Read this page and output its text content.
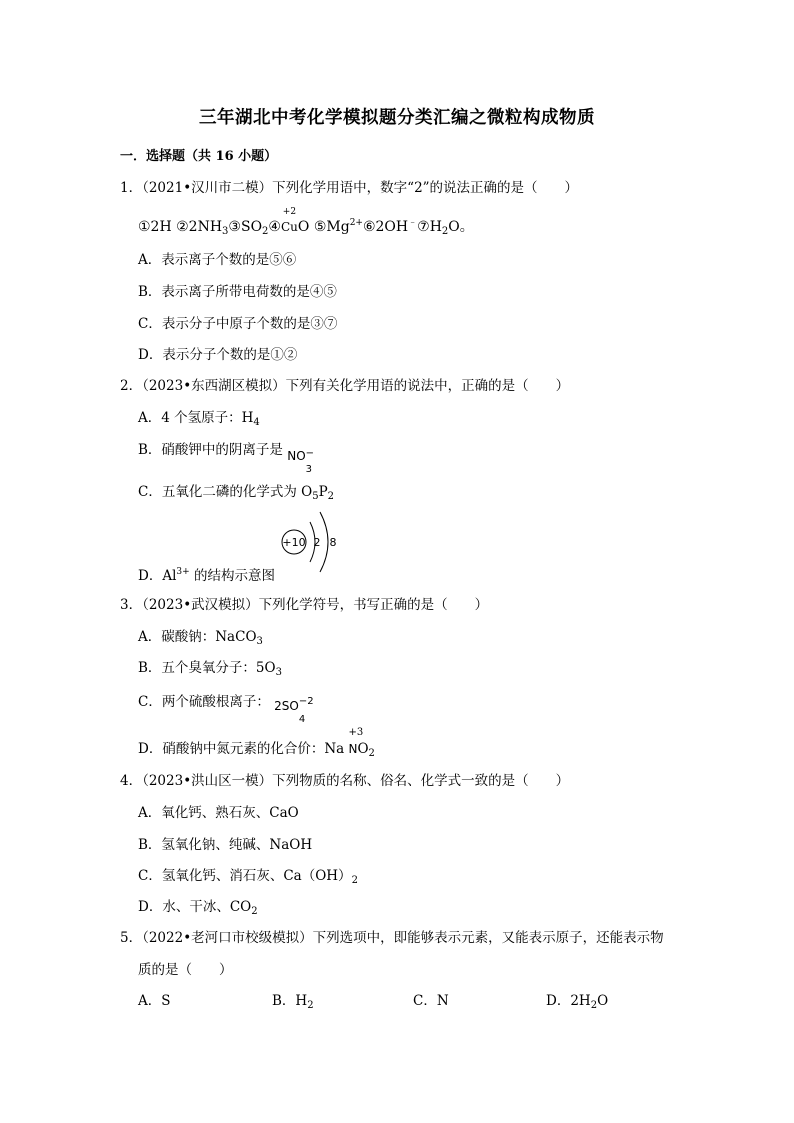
三年湖北中考化学模拟题分类汇编之微粒构成物质
一．选择题（共 16 小题）
1．（2021•汉川市二模）下列化学用语中，数字“2”的说法正确的是（　　）
①2H $②2NH_3③SO_2④$
+2
CuO $⑤Mg^{2+}⑥2OH^﹣⑦H_2O$。
A．表示离子个数的是⑤⑥
B．表示离子所带电荷数的是④⑤
C．表示分子中原子个数的是③⑦
D．表示分子个数的是①②
2．（2023•东西湖区模拟）下列有关化学用语的说法中，正确的是（　　）
A．4 个氢原子：$H_4$
B．硝酸钾中的阴离子是 NO −
3
C．五氧化二磷的化学式为 $O_5P_2$
+10 2 8
D．$Al^{3+}$ 的结构示意图
3．（2023•武汉模拟）下列化学符号，书写正确的是（　　）
A．碳酸钠：NaCO$_3$
B．五个臭氧分子：$5O_3$
C．两个硫酸根离子： 2SO −2
4
D．硝酸钠中氮元素的化合价：Na
+3
$NO_2$
4．（2023•洪山区一模）下列物质的名称、俗名、化学式一致的是（　　）
A．氧化钙、熟石灰、CaO
B．氢氧化钠、纯碱、NaOH
C．氢氧化钙、消石灰、$Ca(OH)_2$
D．水、干冰、$CO_2$
5．（2022•老河口市校级模拟）下列选项中，即能够表示元素，又能表示原子，还能表示物
质的是（　　）
A．S	B．$H_2$	C．N	D．$2H_2O$
